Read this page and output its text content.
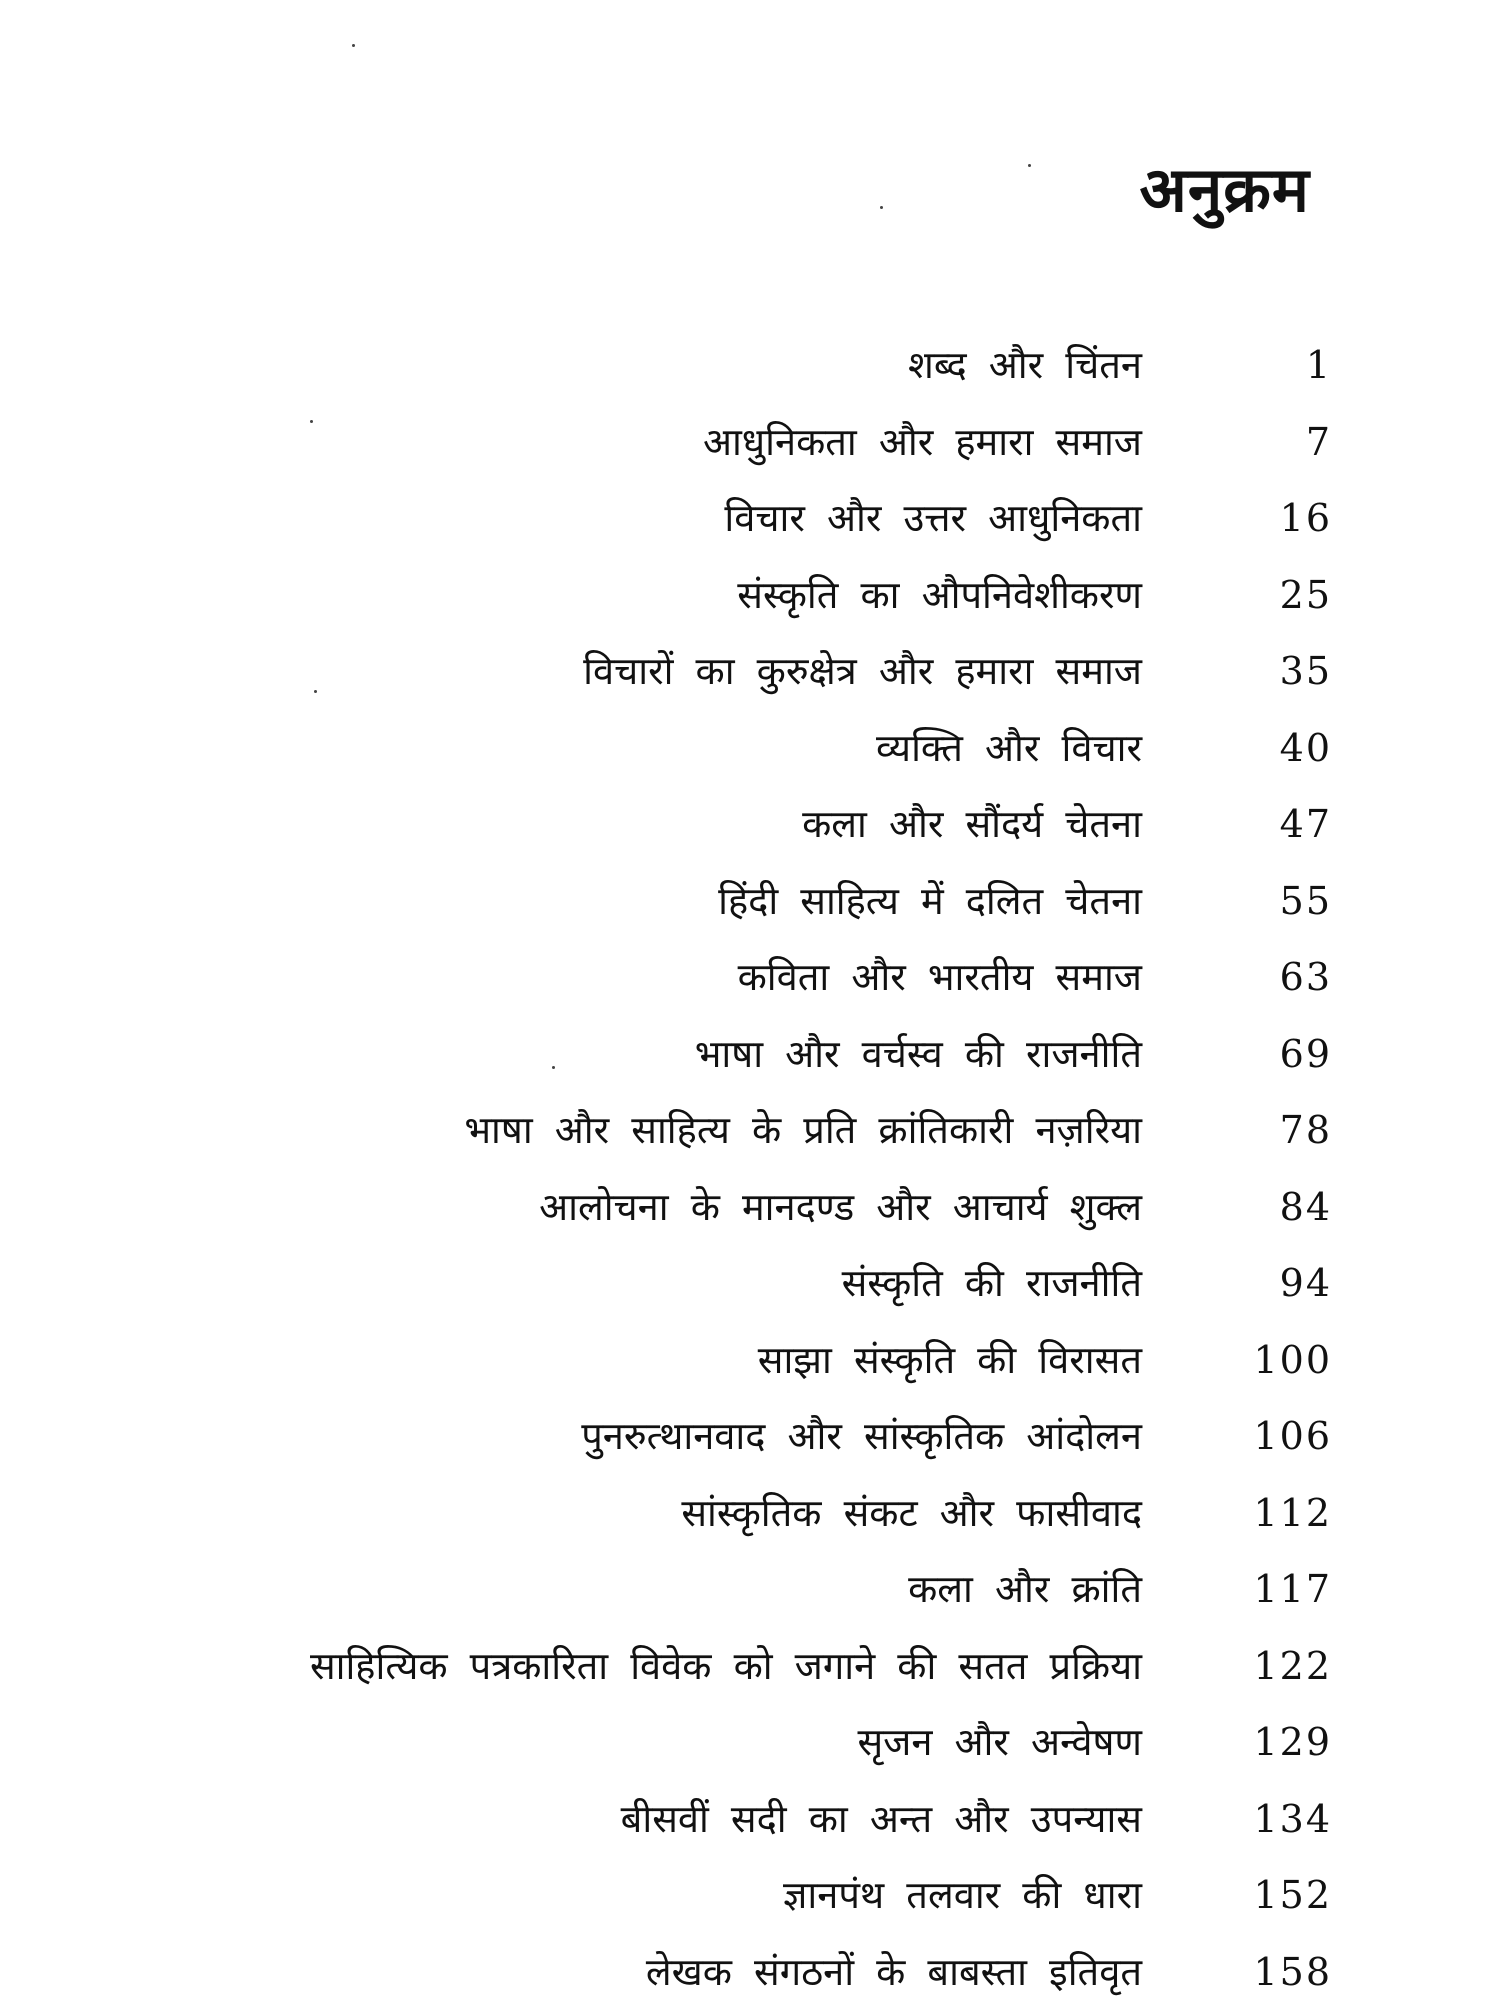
अनुक्रम
शब्द और चिंतन	1
आधुनिकता और हमारा समाज	7
विचार और उत्तर आधुनिकता	16
संस्कृति का औपनिवेशीकरण	25
विचारों का कुरुक्षेत्र और हमारा समाज	35
व्यक्ति और विचार	40
कला और सौंदर्य चेतना	47
हिंदी साहित्य में दलित चेतना	55
कविता और भारतीय समाज	63
भाषा और वर्चस्व की राजनीति	69
भाषा और साहित्य के प्रति क्रांतिकारी नज़रिया	78
आलोचना के मानदण्ड और आचार्य शुक्ल	84
संस्कृति की राजनीति	94
साझा संस्कृति की विरासत	100
पुनरुत्थानवाद और सांस्कृतिक आंदोलन	106
सांस्कृतिक संकट और फासीवाद	112
कला और क्रांति	117
साहित्यिक पत्रकारिता विवेक को जगाने की सतत प्रक्रिया	122
सृजन और अन्वेषण	129
बीसवीं सदी का अन्त और उपन्यास	134
ज्ञानपंथ तलवार की धारा	152
लेखक संगठनों के बाबस्ता इतिवृत	158
